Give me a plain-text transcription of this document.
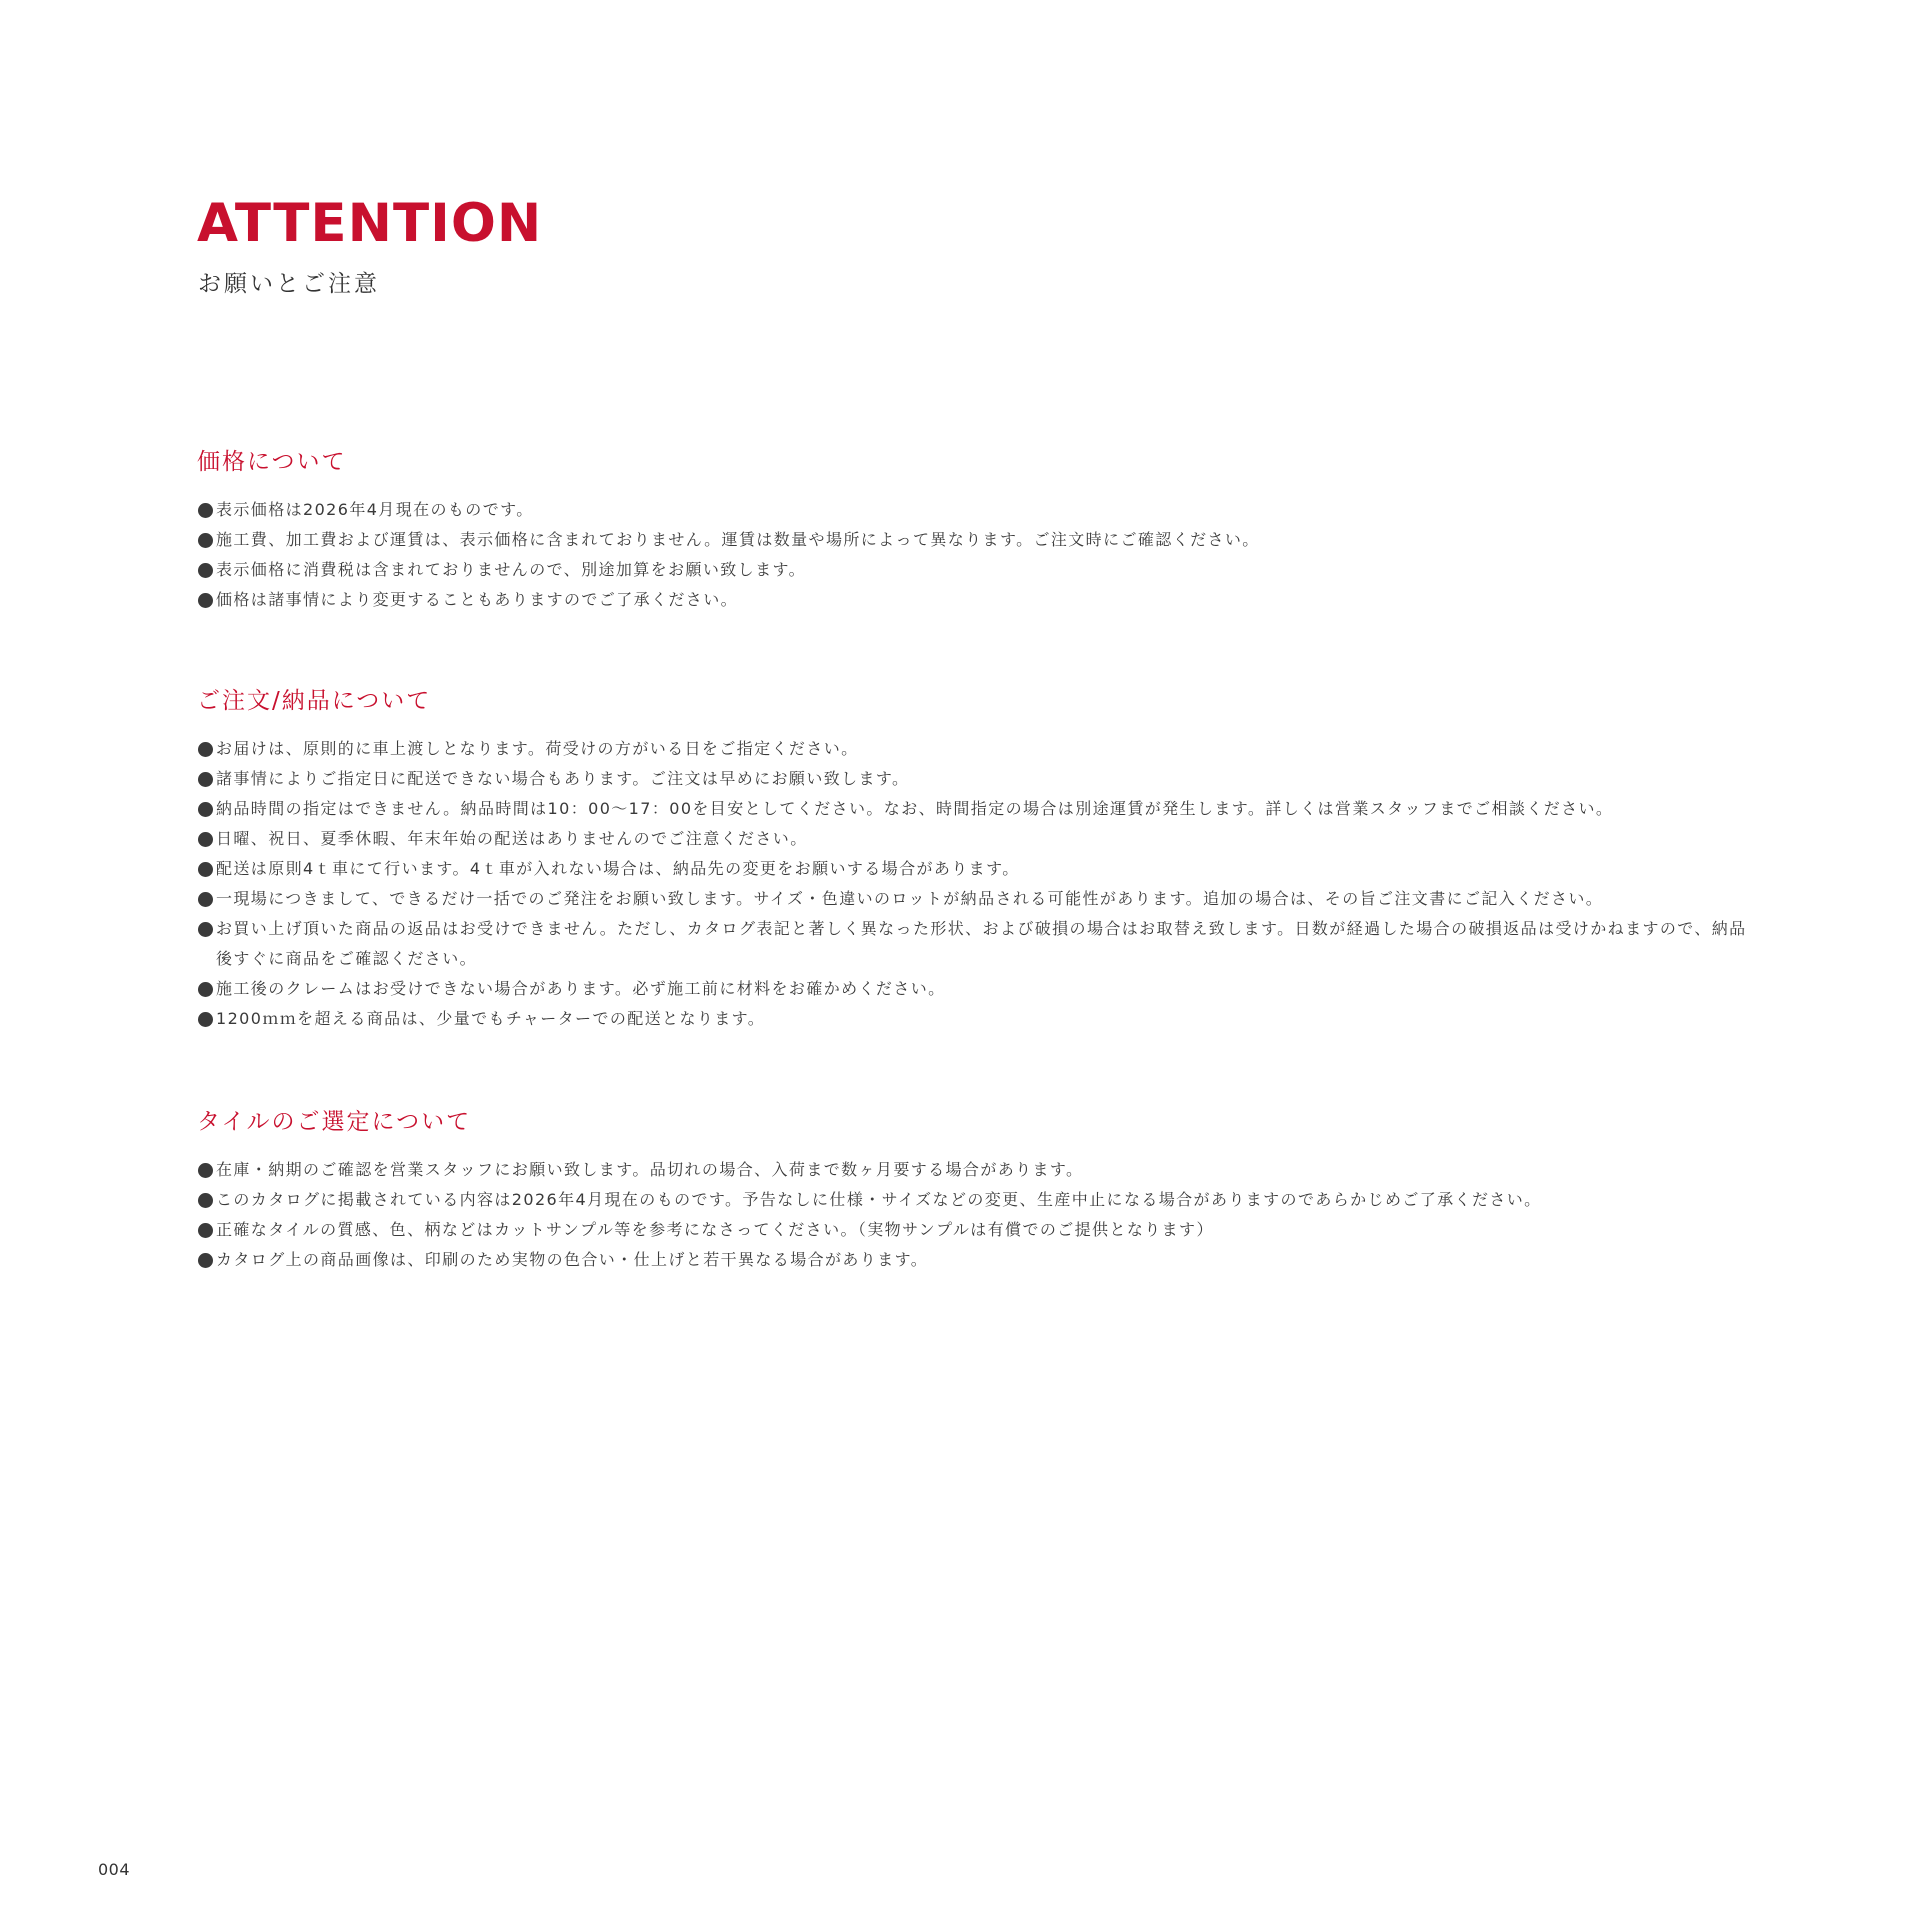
ATTENTION

お願いとご注意

価格について
表示価格は2026年4月現在のものです。
施工費、加工費および運賃は、表示価格に含まれておりません。運賃は数量や場所によって異なります。ご注文時にご確認ください。
表示価格に消費税は含まれておりませんので、別途加算をお願い致します。
価格は諸事情により変更することもありますのでご了承ください。
ご注文/納品について
お届けは、原則的に車上渡しとなります。荷受けの方がいる日をご指定ください。
諸事情によりご指定日に配送できない場合もあります。ご注文は早めにお願い致します。
納品時間の指定はできません。納品時間は10：00～17：00を目安としてください。なお、時間指定の場合は別途運賃が発生します。詳しくは営業スタッフまでご相談ください。
日曜、祝日、夏季休暇、年末年始の配送はありませんのでご注意ください。
配送は原則4ｔ車にて行います。4ｔ車が入れない場合は、納品先の変更をお願いする場合があります。
一現場につきまして、できるだけ一括でのご発注をお願い致します。サイズ・色違いのロットが納品される可能性があります。追加の場合は、その旨ご注文書にご記入ください。
お買い上げ頂いた商品の返品はお受けできません。ただし、カタログ表記と著しく異なった形状、および破損の場合はお取替え致します。日数が経過した場合の破損返品は受けかねますので、納品後すぐに商品をご確認ください。
施工後のクレームはお受けできない場合があります。必ず施工前に材料をお確かめください。
1200ｍｍを超える商品は、少量でもチャーターでの配送となります。
タイルのご選定について
在庫・納期のご確認を営業スタッフにお願い致します。品切れの場合、入荷まで数ヶ月要する場合があります。
このカタログに掲載されている内容は2026年4月現在のものです。予告なしに仕様・サイズなどの変更、生産中止になる場合がありますのであらかじめご了承ください。
正確なタイルの質感、色、柄などはカットサンプル等を参考になさってください。（実物サンプルは有償でのご提供となります）
カタログ上の商品画像は、印刷のため実物の色合い・仕上げと若干異なる場合があります。
004
